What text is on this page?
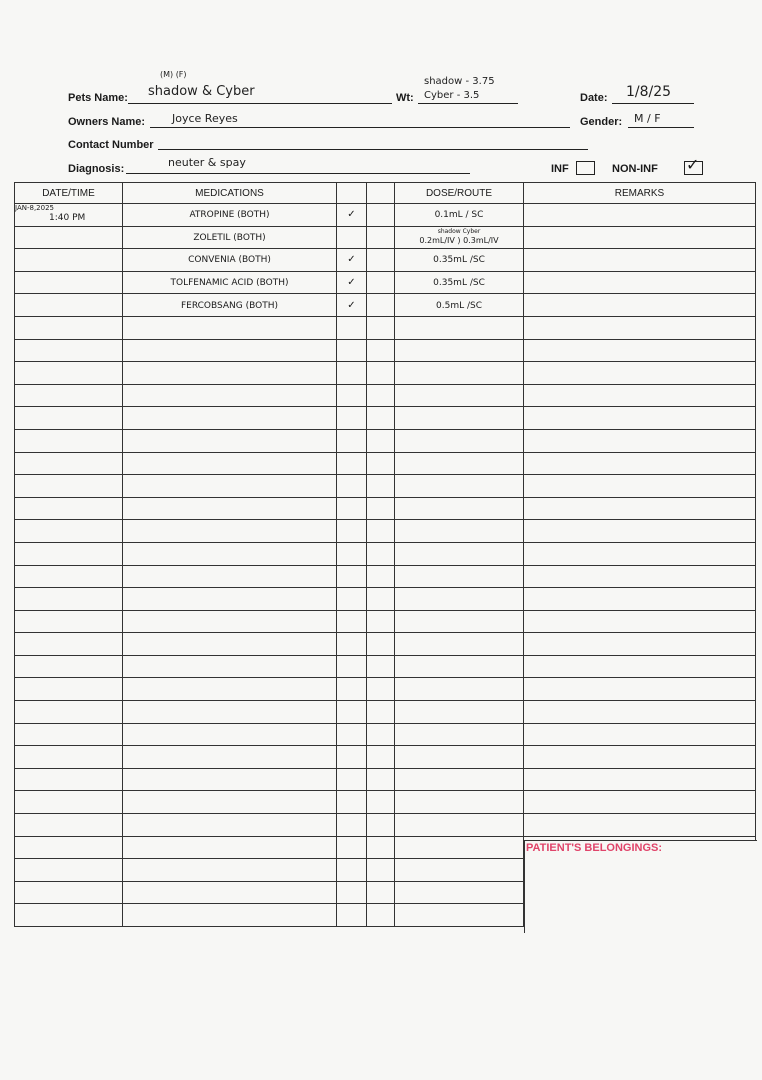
(M) (F)
Pets Name: shadow & Cyber	Wt:
shadow - 3.75
Cyber - 3.5	Date: 1/8/25
Owners Name: Joyce Reyes	Gender: M / F
Contact Number
Diagnosis:	neuter & spay	INF	NON-INF ✓
DATE/TIME	MEDICATIONS			DOSE/ROUTE	REMARKS

JAN-8,2025
1:40 PM	ATROPINE (BOTH)	✓		0.1mL / SC	
	ZOLETIL (BOTH)			shadow Cyber
0.2mL/IV ) 0.3mL/IV	

	CONVENIA (BOTH)	✓		0.35mL /SC	
	TOLFENAMIC ACID (BOTH)	✓		0.35mL /SC	
	FERCOBSANG (BOTH)	✓		0.5mL /SC	

PATIENT'S BELONGINGS:
